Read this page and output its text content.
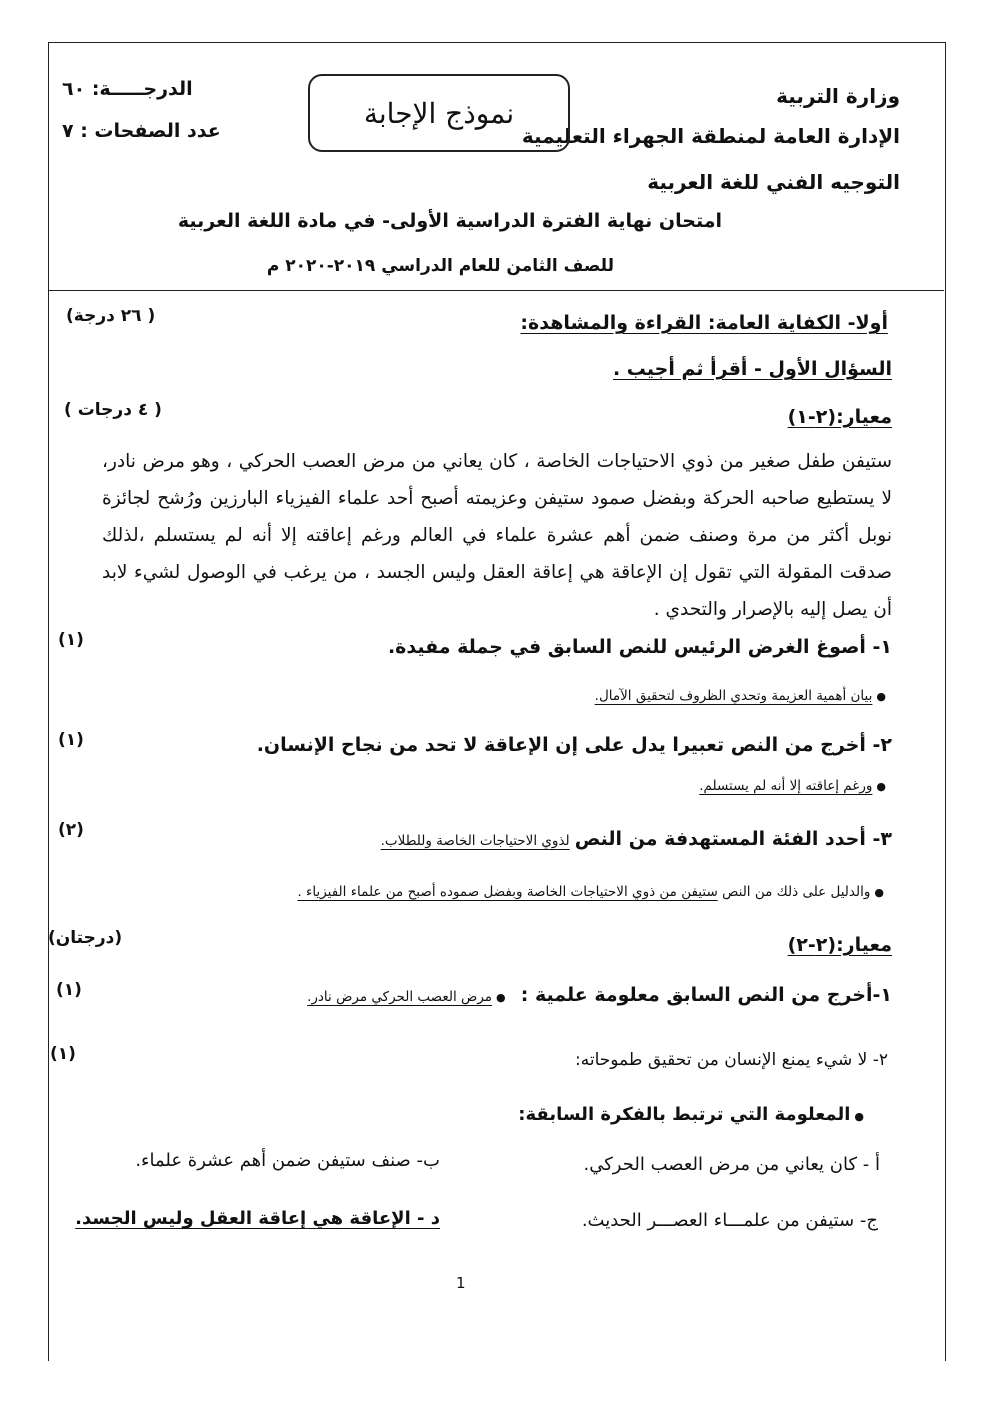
وزارة التربية
الإدارة العامة لمنطقة الجهراء التعليمية
التوجيه الفني للغة العربية
نموذج الإجابة
الدرجـــــة: ٦٠
عدد الصفحات : ٧
امتحان نهاية الفترة الدراسية الأولى- في مادة اللغة العربية
للصف الثامن للعام الدراسي ٢٠١٩-٢٠٢٠ م
أولا- الكفاية العامة: القراءة والمشاهدة:
( ٢٦ درجة)
السؤال الأول - أقرأ ثم أجيب .
معيار:(٢-١)
( ٤ درجات )

ستيفن طفل صغير من ذوي الاحتياجات الخاصة ، كان يعاني من مرض العصب الحركي ، وهو مرض نادر، لا يستطيع صاحبه الحركة وبفضل صمود ستيفن وعزيمته أصبح أحد علماء الفيزياء البارزين ورُشح لجائزة نوبل أكثر من مرة وصنف ضمن أهم عشرة علماء في العالم ورغم إعاقته إلا أنه لم يستسلم ،لذلك صدقت المقولة التي تقول إن الإعاقة هي إعاقة العقل وليس الجسد ، من يرغب في الوصول لشيء لابد أن يصل إليه بالإصرار والتحدي .

١- أصوغ الغرض الرئيس للنص السابق في جملة مفيدة.
(١)
●بيان أهمية العزيمة وتحدي الظروف لتحقيق الآمال.
٢- أخرج من النص تعبيرا يدل على إن الإعاقة لا تحد من نجاح الإنسان.
(١)
●ورغم إعاقته إلا أنه لم يستسلم.
٣- أحدد الفئة المستهدفة من النص لذوي الاحتياجات الخاصة وللطلاب.
(٢)
●والدليل على ذلك من النص ستيفن من ذوي الاحتياجات الخاصة وبفضل صموده أصبح من علماء الفيزياء .
معيار:(٢-٢)
(درجتان)
١-أخرج من النص السابق معلومة علمية : ●مرض العصب الحركي مرض نادر.
(١)
٢- لا شيء يمنع الإنسان من تحقيق طموحاته:
(١)
●المعلومة التي ترتبط بالفكرة السابقة:
أ - كان يعاني من مرض العصب الحركي.
ب- صنف ستيفن ضمن أهم عشرة علماء.
ج- ستيفن من علمـــاء العصـــر الحديث.
د - الإعاقة هي إعاقة العقل وليس الجسد.
1
